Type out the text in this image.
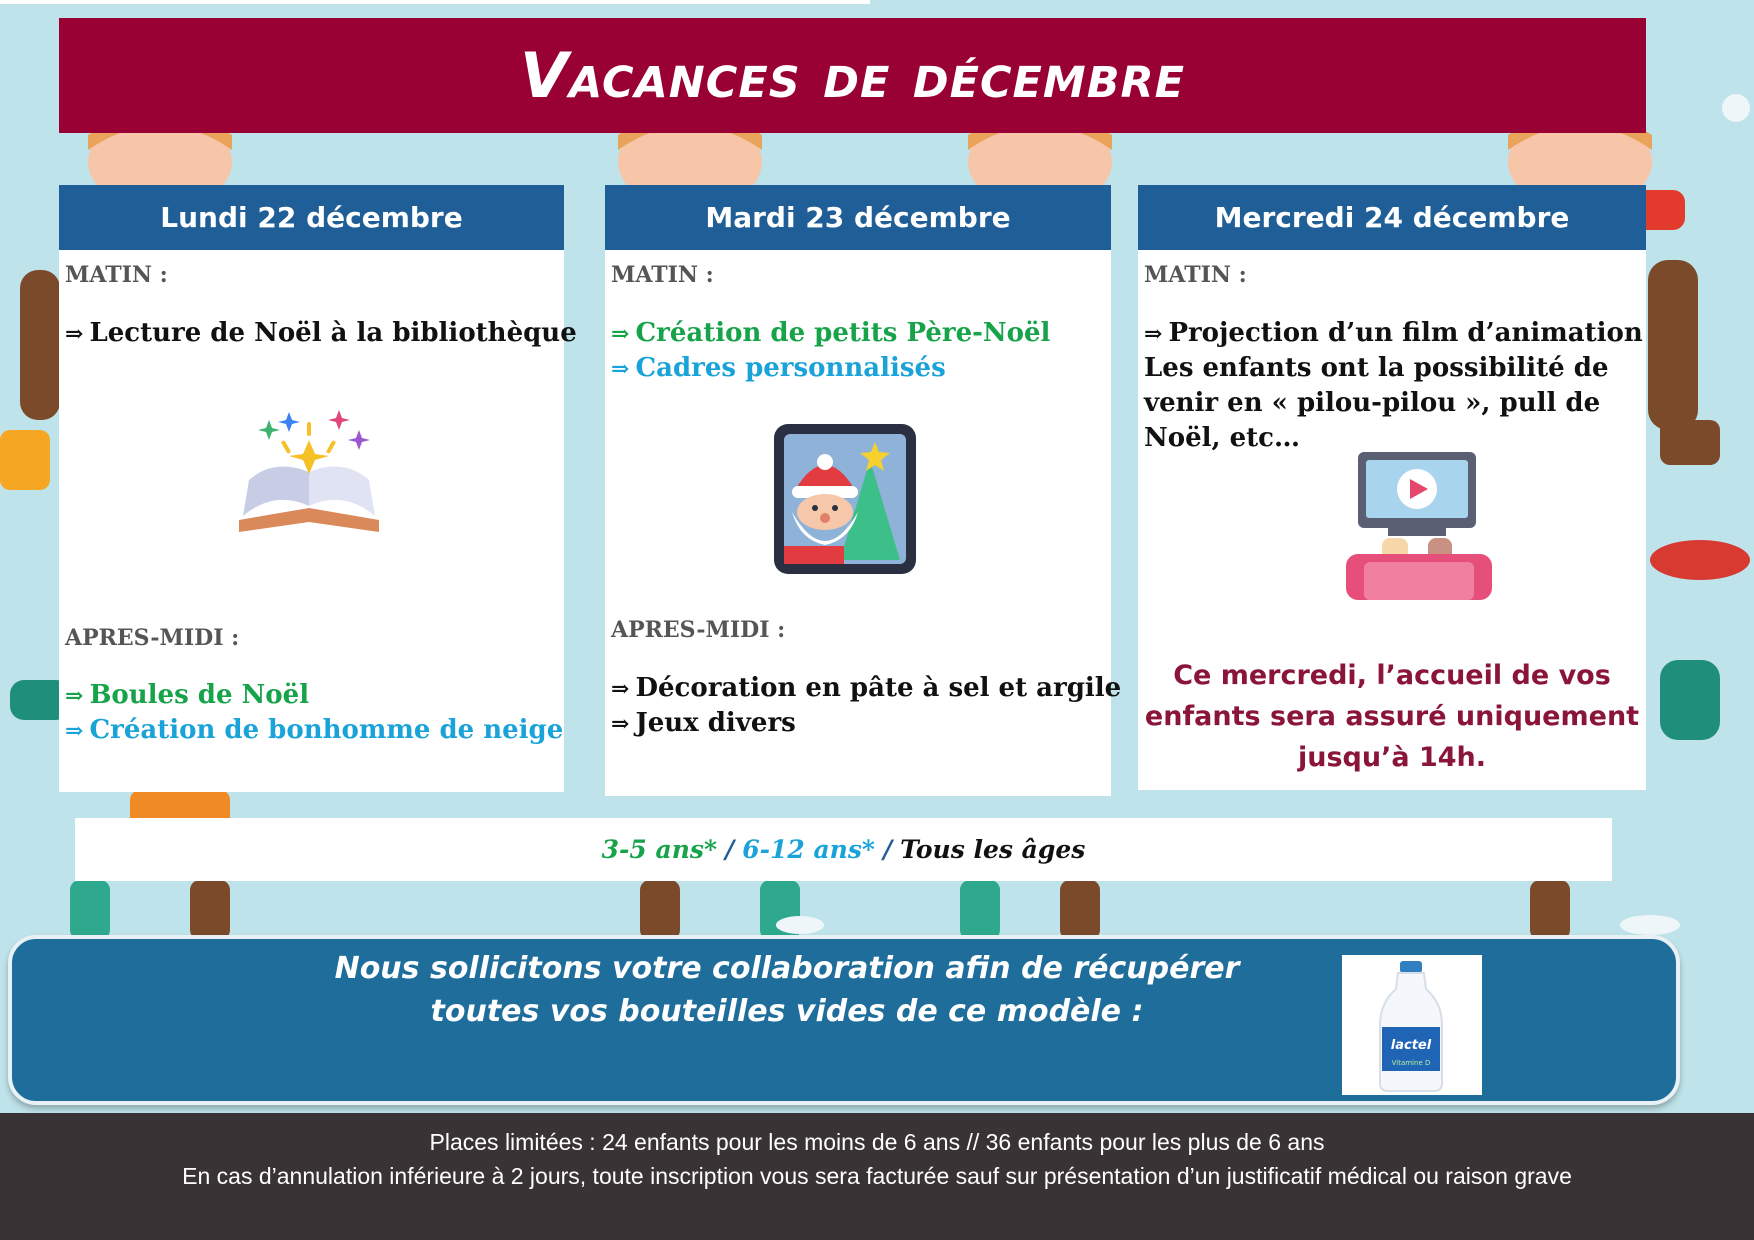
Vacances de décembre
Lundi 22 décembre
MATIN :
⇒ Lecture de Noël à la bibliothèque
APRES-MIDI :
⇒ Boules de Noël
⇒ Création de bonhomme de neige
Mardi 23 décembre
MATIN :
⇒ Création de petits Père-Noël
⇒ Cadres personnalisés
APRES-MIDI :
⇒ Décoration en pâte à sel et argile
⇒ Jeux divers
Mercredi 24 décembre
MATIN :
⇒ Projection d’un film d’animation
Les enfants ont la possibilité de
venir en « pilou-pilou », pull de
Noël, etc…
Ce mercredi, l’accueil de vos
enfants sera assuré uniquement
jusqu’à 14h.
3-5 ans* / 6-12 ans* / Tous les âges
Nous sollicitons votre collaboration afin de récupérer
toutes vos bouteilles vides de ce modèle :
lactel
Vitamine D
Places limitées : 24 enfants pour les moins de 6 ans // 36 enfants pour les plus de 6 ans
En cas d’annulation inférieure à 2 jours, toute inscription vous sera facturée sauf sur présentation d’un justificatif médical ou raison grave
